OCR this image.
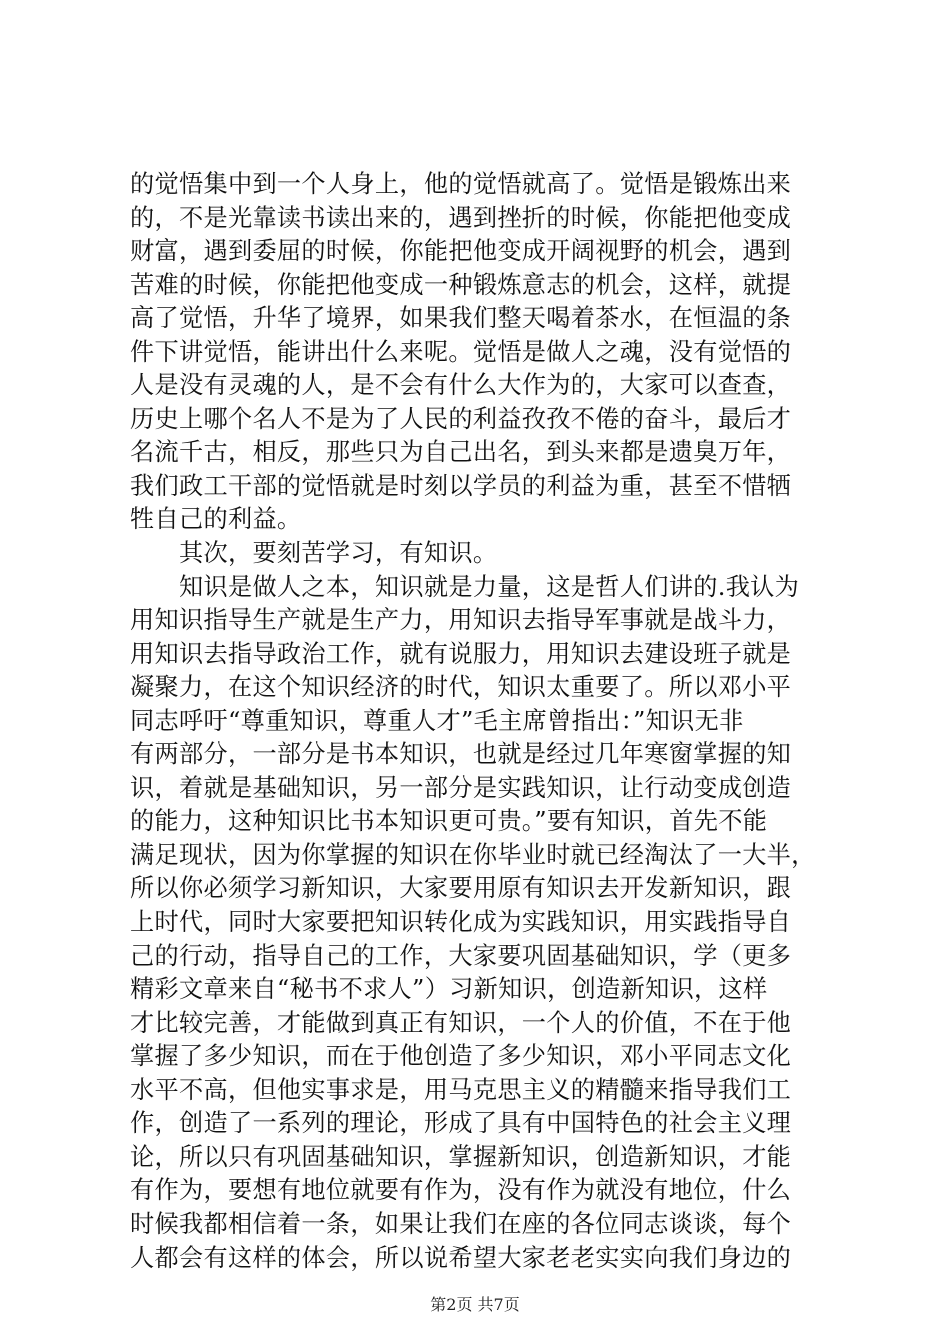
的觉悟集中到一个人身上，他的觉悟就高了。觉悟是锻炼出来
的，不是光靠读书读出来的，遇到挫折的时候，你能把他变成
财富，遇到委屈的时候，你能把他变成开阔视野的机会，遇到
苦难的时候，你能把他变成一种锻炼意志的机会，这样，就提
高了觉悟，升华了境界，如果我们整天喝着茶水，在恒温的条
件下讲觉悟，能讲出什么来呢。觉悟是做人之魂，没有觉悟的
人是没有灵魂的人，是不会有什么大作为的，大家可以查查，
历史上哪个名人不是为了人民的利益孜孜不倦的奋斗，最后才
名流千古，相反，那些只为自己出名，到头来都是遗臭万年，
我们政工干部的觉悟就是时刻以学员的利益为重，甚至不惜牺
牲自己的利益。
　　其次，要刻苦学习，有知识。
　　知识是做人之本，知识就是力量，这是哲人们讲的.我认为
用知识指导生产就是生产力，用知识去指导军事就是战斗力，
用知识去指导政治工作，就有说服力，用知识去建设班子就是
凝聚力，在这个知识经济的时代，知识太重要了。所以邓小平
同志呼吁“尊重知识，尊重人才”毛主席曾指出：”知识无非
有两部分，一部分是书本知识，也就是经过几年寒窗掌握的知
识，着就是基础知识，另一部分是实践知识，让行动变成创造
的能力，这种知识比书本知识更可贵。”要有知识，首先不能
满足现状，因为你掌握的知识在你毕业时就已经淘汰了一大半，
所以你必须学习新知识，大家要用原有知识去开发新知识，跟
上时代，同时大家要把知识转化成为实践知识，用实践指导自
己的行动，指导自己的工作，大家要巩固基础知识，学（更多
精彩文章来自“秘书不求人”）习新知识，创造新知识，这样
才比较完善，才能做到真正有知识，一个人的价值，不在于他
掌握了多少知识，而在于他创造了多少知识，邓小平同志文化
水平不高，但他实事求是，用马克思主义的精髓来指导我们工
作，创造了一系列的理论，形成了具有中国特色的社会主义理
论，所以只有巩固基础知识，掌握新知识，创造新知识，才能
有作为，要想有地位就要有作为，没有作为就没有地位，什么
时候我都相信着一条，如果让我们在座的各位同志谈谈，每个
人都会有这样的体会，所以说希望大家老老实实向我们身边的
第2页 共7页
